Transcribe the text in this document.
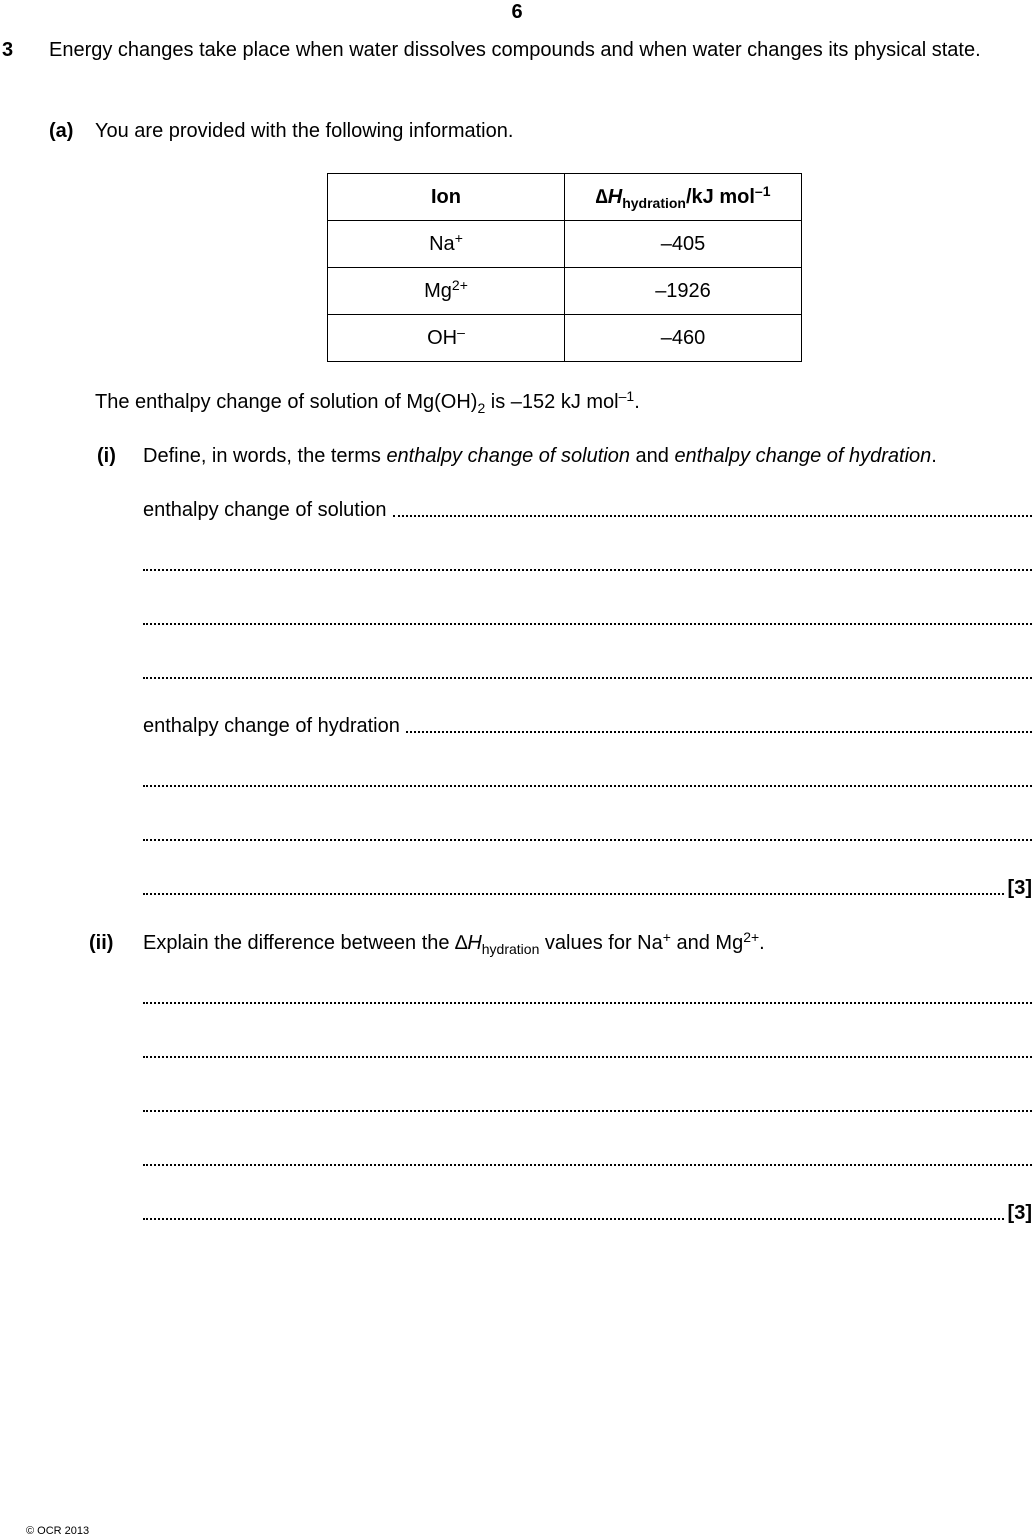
6
3 Energy changes take place when water dissolves compounds and when water changes its physical state.
(a) You are provided with the following information.
Ion	$\Delta H_{hydration}/kJ$ mol$^{-1}$
Na+	–405
$Mg^{2+}$	–1926
OH–	–460
The enthalpy change of solution of $Mg(OH)_2$ is –152 kJ mol$^{-1}$.
(i) Define, in words, the terms enthalpy change of solution and enthalpy change of hydration.
enthalpy change of solution
enthalpy change of hydration
[3]
(ii) Explain the difference between the $\Delta H_{hydration}$ values for Na+ and $Mg^{2+}$.
[3]
© OCR 2013
